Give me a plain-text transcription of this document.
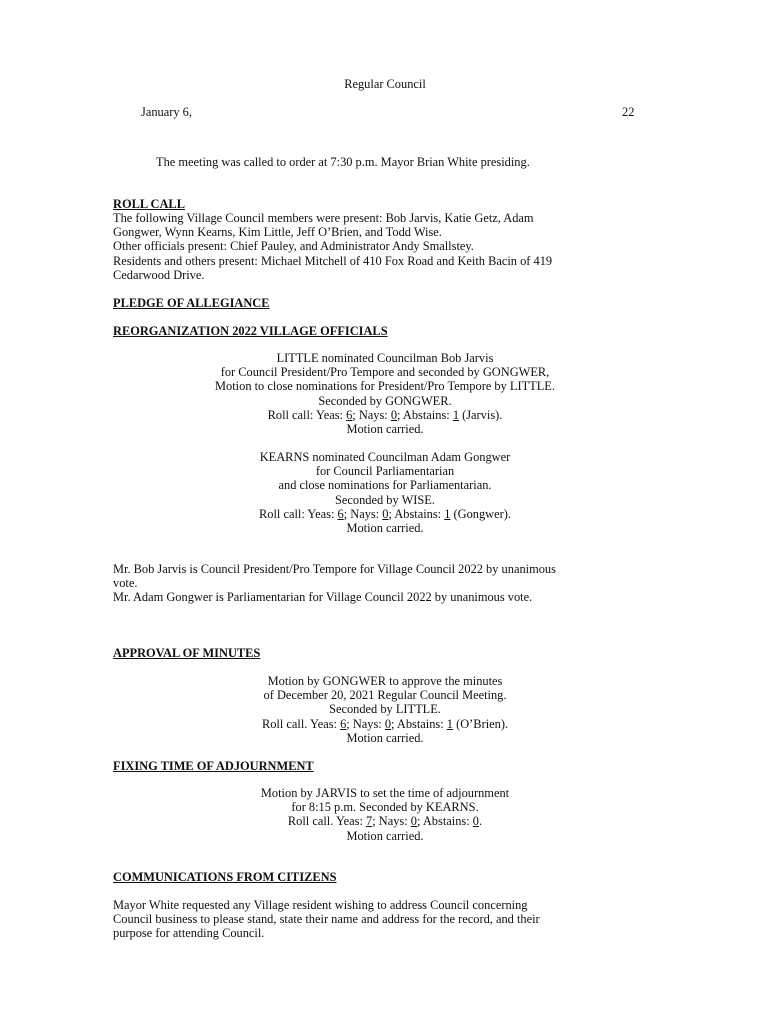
Regular Council
January 6,	22
The meeting was called to order at 7:30 p.m. Mayor Brian White presiding.
ROLL CALL
The following Village Council members were present: Bob Jarvis, Katie Getz, Adam
Gongwer, Wynn Kearns, Kim Little, Jeff O’Brien, and Todd Wise.
Other officials present: Chief Pauley, and Administrator Andy Smallstey.
Residents and others present: Michael Mitchell of 410 Fox Road and Keith Bacin of 419
Cedarwood Drive.
PLEDGE OF ALLEGIANCE
REORGANIZATION 2022 VILLAGE OFFICIALS
LITTLE nominated Councilman Bob Jarvis
for Council President/Pro Tempore and seconded by GONGWER,
Motion to close nominations for President/Pro Tempore by LITTLE.
Seconded by GONGWER.
Roll call: Yeas: 6; Nays: 0; Abstains: 1 (Jarvis).
Motion carried.
KEARNS nominated Councilman Adam Gongwer
for Council Parliamentarian
and close nominations for Parliamentarian.
Seconded by WISE.
Roll call: Yeas: 6; Nays: 0; Abstains: 1 (Gongwer).
Motion carried.
Mr. Bob Jarvis is Council President/Pro Tempore for Village Council 2022 by unanimous
vote.
Mr. Adam Gongwer is Parliamentarian for Village Council 2022 by unanimous vote.
APPROVAL OF MINUTES
Motion by GONGWER to approve the minutes
of December 20, 2021 Regular Council Meeting.
Seconded by LITTLE.
Roll call. Yeas: 6; Nays: 0; Abstains: 1 (O’Brien).
Motion carried.
FIXING TIME OF ADJOURNMENT
Motion by JARVIS to set the time of adjournment
for 8:15 p.m. Seconded by KEARNS.
Roll call. Yeas: 7; Nays: 0; Abstains: 0.
Motion carried.
COMMUNICATIONS FROM CITIZENS
Mayor White requested any Village resident wishing to address Council concerning
Council business to please stand, state their name and address for the record, and their
purpose for attending Council.
